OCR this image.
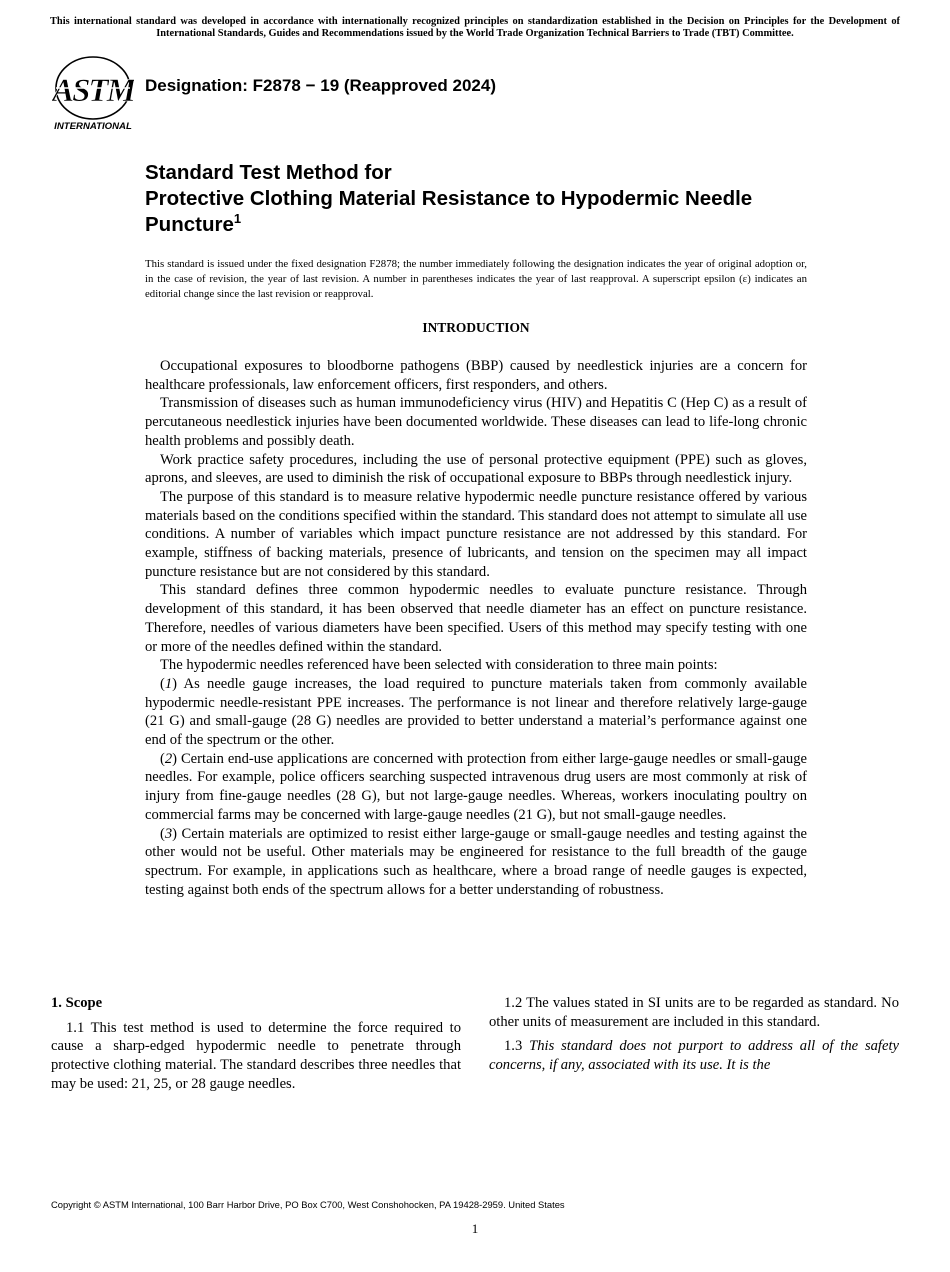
This international standard was developed in accordance with internationally recognized principles on standardization established in the Decision on Principles for the Development of International Standards, Guides and Recommendations issued by the World Trade Organization Technical Barriers to Trade (TBT) Committee.
ASTM
INTERNATIONAL
Designation: F2878 − 19 (Reapproved 2024)
Standard Test Method for
Protective Clothing Material Resistance to Hypodermic Needle Puncture$^1$
This standard is issued under the fixed designation F2878; the number immediately following the designation indicates the year of original adoption or, in the case of revision, the year of last revision. A number in parentheses indicates the year of last reapproval. A superscript epsilon (ε) indicates an editorial change since the last revision or reapproval.
INTRODUCTION

Occupational exposures to bloodborne pathogens (BBP) caused by needlestick injuries are a concern for healthcare professionals, law enforcement officers, first responders, and others.

Transmission of diseases such as human immunodeficiency virus (HIV) and Hepatitis C (Hep C) as a result of percutaneous needlestick injuries have been documented worldwide. These diseases can lead to life-long chronic health problems and possibly death.

Work practice safety procedures, including the use of personal protective equipment (PPE) such as gloves, aprons, and sleeves, are used to diminish the risk of occupational exposure to BBPs through needlestick injury.

The purpose of this standard is to measure relative hypodermic needle puncture resistance offered by various materials based on the conditions specified within the standard. This standard does not attempt to simulate all use conditions. A number of variables which impact puncture resistance are not addressed by this standard. For example, stiffness of backing materials, presence of lubricants, and tension on the specimen may all impact puncture resistance but are not considered by this standard.

This standard defines three common hypodermic needles to evaluate puncture resistance. Through development of this standard, it has been observed that needle diameter has an effect on puncture resistance. Therefore, needles of various diameters have been specified. Users of this method may specify testing with one or more of the needles defined within the standard.

The hypodermic needles referenced have been selected with consideration to three main points:

(1) As needle gauge increases, the load required to puncture materials taken from commonly available hypodermic needle-resistant PPE increases. The performance is not linear and therefore relatively large-gauge (21 G) and small-gauge (28 G) needles are provided to better understand a material’s performance against one end of the spectrum or the other.

(2) Certain end-use applications are concerned with protection from either large-gauge needles or small-gauge needles. For example, police officers searching suspected intravenous drug users are most commonly at risk of injury from fine-gauge needles (28 G), but not large-gauge needles. Whereas, workers inoculating poultry on commercial farms may be concerned with large-gauge needles (21 G), but not small-gauge needles.

(3) Certain materials are optimized to resist either large-gauge or small-gauge needles and testing against the other would not be useful. Other materials may be engineered for resistance to the full breadth of the gauge spectrum. For example, in applications such as healthcare, where a broad range of needle gauges is expected, testing against both ends of the spectrum allows for a better understanding of robustness.

1. Scope

1.1 This test method is used to determine the force required to cause a sharp-edged hypodermic needle to penetrate through protective clothing material. The standard describes three needles that may be used: 21, 25, or 28 gauge needles.

1.2 The values stated in SI units are to be regarded as standard. No other units of measurement are included in this standard.

1.3 This standard does not purport to address all of the safety concerns, if any, associated with its use. It is the

Copyright © ASTM International, 100 Barr Harbor Drive, PO Box C700, West Conshohocken, PA 19428-2959. United States
1
